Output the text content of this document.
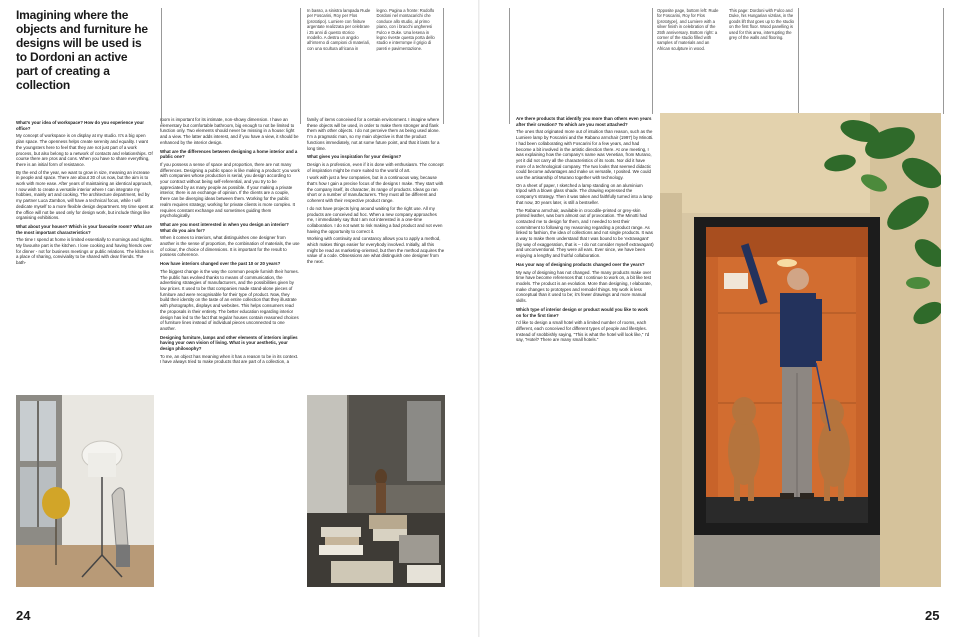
Imagining where the objects and furniture he designs will be used is to Dordoni an active part of creating a collection

In basso, a sinistra lampada Rude per Foscarini, Roy per Flos (prototipo). Lumiere con finiture argentate realizzata per celebrare i 25 anni di questo storico modello. A destra un angolo all’interno di campioni di materiali, con una scultura africana in legno. Pagina a fronte: Rodolfo Dordoni nel montacarichi che conduce allo studio, al primo piano, con i bracchi ungheresi Fulco e Duke. Una lesena in legno riveste questa porta dello studio e interrompe il grigio di pareti e pavimentazione.

What’s your idea of workspace? How do you experience your office?

My concept of workspace is on display at my studio. It’s a big open plan space. The openness helps create serenity and equality. I want the youngsters here to feel that they are not just part of a work process, but also belong to a network of contacts and relationships. Of course there are pros and cons. When you have to share everything, there is an initial form of resistance.

By the end of the year, we want to grow in size, meaning an increase in people and space. There are about 30 of us now, but the aim is to work with more ease. After years of maintaining an identical approach, I now wish to create a versatile interior where I can integrate my hobbies, mainly art and cooking. The architecture department, led by my partner Luca Zambon, will have a technical focus, while I will dedicate myself to a more flexible design department. My time spent at the office will not be used only for design work, but include things like organising exhibitions.

What about your house? Which is your favourite room? What are the most important characteristics?

The time I spend at home is limited essentially to mornings and nights. My favourite part is the kitchen. I love cooking and having friends over for dinner - not for business meetings or public relations. The kitchen is a place of sharing, conviviality to be shared with dear friends. The bath-

room is important for its intimate, non-showy dimension. I have an elementary but comfortable bathroom, big enough to not be limited to function only. Two elements should never be missing in a house: light and a view. The latter adds interest, and if you have a view, it should be enhanced by the interior design.

What are the differences between designing a home interior and a public one?

If you possess a sense of space and proportion, there are not many differences. Designing a public space is like making a product: you work with companies whose production is serial, you design according to your contract without being self-referential, and you try to be appreciated by as many people as possible. If your making a private interior, there is an exchange of opinion. If the clients are a couple, there can be diverging ideas between them. Working for the public realm requires strategy; working for private clients is more complex. It requires constant exchange and sometimes guiding them psychologically.

What are you most interested in when you design an interior? What do you aim for?

When it comes to interiors, what distinguishes one designer from another is the sense of proportion, the combination of materials, the use of colour, the choice of dimensions. It is important for the result to possess coherence.

How have interiors changed over the past 10 or 20 years?

The biggest change is the way the common people furnish their homes. The public has evolved thanks to means of communication, the advertising strategies of manufacturers, and the possibilities given by low prices. It used to be that companies made stand-alone pieces of furniture and were recognisable for their type of product. Now, they build their identity on the taste of an entire collection that they illustrate with photographs, displays and websites. This helps consumers read the proposals in their entirety. The better education regarding interior design has led to the fact that regular houses contain reasoned choices of furniture lines instead of individual pieces unconnected to one another.

Designing furniture, lamps and other elements of interiors implies having your own vision of living. What is your aesthetic, your design philosophy?

To me, an object has meaning when it has a reason to be in its context. I have always tried to make products that are part of a collection, a

family of items conceived for a certain environment. I imagine where these objects will be used, in order to make them stronger and flank them with other objects. I do not perceive them as being used alone. I’m a pragmatic man, so my main objective is that the product functions immediately, not at some future point, and that it lasts for a long time.

What gives you inspiration for your designs?

Design is a profession, even if it is done with enthusiasm. The concept of inspiration might be more suited to the world of art.

I work with just a few companies, but in a continuous way, because that’s how I gain a precise focus of the designs I make. They start with the company itself, its character, its range of products. Ideas go ran short or a number of manufacturers. They must all be different and coherent with their respective product range.

I do not have projects lying around waiting for the right use. All my products are conceived ad hoc. When a new company approaches me, I immediately say that I am not interested in a one-time collaboration. I do not want to risk making a bad product and not even having the opportunity to correct it.

Working with continuity and constancy allows you to apply a method, which makes things easier for everybody involved. Initially, all this might be read as marketing-oriented, but then the method acquires the value of a code. Obsessions are what distinguish one designer from the next.

24

Opposite page, bottom left: Rude for Foscarini, Roy for Flos (prototype), and Lumiere with a silver finish in celebration of the 25th anniversary. Bottom right: a corner of the studio filled with samples of materials and an African sculpture in wood.

This page: Dordoni with Fulco and Duke, his Hungarian vizslas, in the goods lift that goes up to the studio on the first floor. Wood panelling is used for this area, interrupting the grey of the walls and flooring.

Are there products that identify you more than others even years after their creation? To which are you most attached?

The ones that originated more out of intuition than reason, such as the Lumiere lamp by Foscarini and the Rabano armchair (1997) by Minotti. I had been collaborating with Foscarini for a few years, and had become a bit involved in the artistic direction there. At one meeting, I was explaining how the company’s name was Venetian, from Murano, yet it did not carry all the characteristics of its roots. Nor did it have more of a technological company. The two looks that seemed didactic could become advantages and make us versatile, I posited. We could use the artisanship of Murano together with technology.

On a sheet of paper, I sketched a lamp standing on an aluminium tripod with a blown glass shade. The drawing expressed the company’s strategy. Then it was taken and faithfully turned into a lamp that now, 30 years later, is still a bestseller.

The Rabano armchair, available in crocodile-printed or grey-skin printed leather, was born almost out of provocation. The Minotti had contacted me to design for them, and I needed to test their commitment to following my reasoning regarding a product range. As linked to fashion, the idea of collections and not single products. It was a way to make them understand that I was bound to be ‘extravagant’ (by way of exaggeration, that is – I do not consider myself extravagant) and unconventional. They were all ears. Ever since, we have been enjoying a lengthy and fruitful collaboration.

Has your way of designing products changed over the years?

My way of designing has not changed. The many products make over time have become references that I continue to work on, a bit like test models. The product is an evolution. More than designing, I elaborate, make changes to prototypes and remodel things. My work is less conceptual than it used to be; it’s fewer drawings and more manual skills.

Which type of interior design or product would you like to work on for the first time?

I’d like to design a small hotel with a limited number of rooms, each different, each conceived for different types of people and lifestyles. Instead of snobbishly saying, “This is what the hotel will look like,” I’d say, “Hotel? There are many small hotels.”

25
